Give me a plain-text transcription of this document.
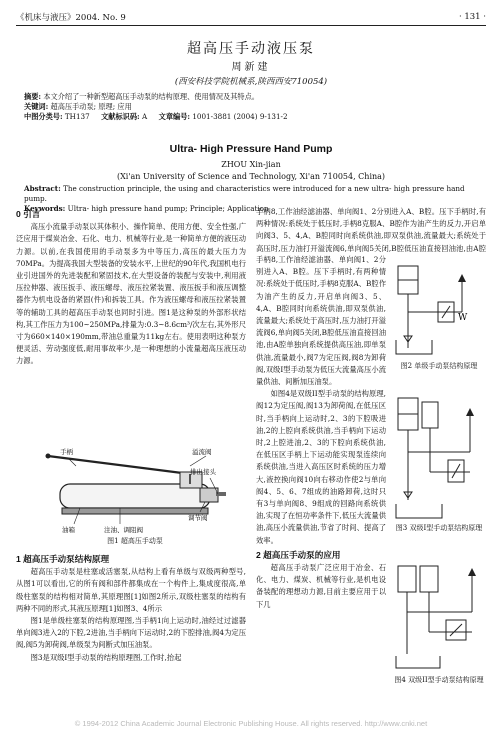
《机床与液压》2004. No. 9	· 131 ·
超高压手动液压泵
周新建
(西安科技学院机械系,陕西西安710054)
摘要: 本文介绍了一种新型超高压手动泵的结构原理、使用情况及其特点。
关键词: 超高压手动泵; 原理; 应用
中图分类号: TH137 文献标识码: A 文章编号: 1001-3881 (2004) 9-131-2
Ultra- High Pressure Hand Pump
ZHOU Xin-jian
(Xi'an University of Science and Technology, Xi'an 710054, China)
Abstract: The construction principle, the using and characteristics were introduced for a new ultra- high pressure hand pump.
Keywords: Ultra- high pressure hand pump; Principle; Application
0 引言

高压小流量手动泵以其体积小、操作简单、使用方便、安全性强,广泛应用于煤炭冶金、石化、电力、机械等行业,是一种简单方便的液压动力源。以前,在我国使用的手动泵多为中等压力,高压的最大压力为70MPa。为提高我国大型装备的安装水平,上世纪的90年代,我国机电行业引进国外的先进装配和紧固技术,在大型设备的装配与安装中,利用液压拉伸器、液压扳手、液压螺母、液压拉紧装置、液压扳手和液压调整器作为机电设备的紧固(件)和拆装工具。作为液压螺母和液压拉紧装置等的辅助工具的超高压手动泵也同时引进。图1是这种泵的外部形状结构,其工作压力为100~250MPa,排量为:0.3~8.6cm³/次左右,其外形尺寸为660×140×190mm,带油总重量为11kg左右。使用表明这种泵方便灵活、劳动强度低,耐用事故率少,是一种理想的小流量超高压液压动力源。

手柄	溢流阀
排出接头
油箱	注油、调阻阀
调节阀
图1 超高压手动泵
1 超高压手动泵结构原理

超高压手动泵是柱塞或活塞泵,从结构上看有单级与双级两种型号,从图1可以看出,它的所有阀和部件都集成在一个构件上,集成度很高,单级柱塞泵的结构相对简单,其原理图[1]如图2所示,双级柱塞泵的结构有两种不同的形式,其液压原理[1]如图3、4所示

图1是单级柱塞泵的结构原理图,当手柄1向上运动时,油经过过滤器单向阀3进入2的下腔,2进油,当手柄向下运动时,2的下腔排油,阀4为定压阀,阀5为卸荷阀,单级泵为间断式加压油泵。

图3是双级I型手动泵的结构原理图,工作时,抬起

手柄8,工作油经滤油器、单向阀1、2分别进入A、B腔。压下手柄时,有两种情况:系统处于低压时,手柄8克服A、B腔作为油产生的反力,开启单向阀3、5、4,A、B腔同时向系统供油,即双泵供油,流量最大;系统处于高压时,压力油打开溢流阀6,单向阀5关闭,B腔低压油直接回油池,由A腔

手柄8,工作油经滤油器、单向阀1、2分别进入A、B腔。压下手柄时,有两种情况:系统处于低压时,手柄8克服A、B腔作为油产生的反力,开启单向阀3、5、4,A、B腔同时向系统供油,即双泵供油,流量最大;系统处于高压时,压力油打开溢流阀6,单向阀5关闭,B腔低压油直接回油池,由A腔单独向系统提供高压油,即单泵供油,流量最小,阀7为定压阀,阀8为卸荷阀,双级I型手动泵为低压大流量高压小流量供油、间断加压油泵。

如图4是双级II型手动泵的结构原理,阀12为定压阀,阀13为卸荷阀,在低压区时,当手柄向上运动时,2、3的下腔吸进油,2的上腔向系统供油,当手柄向下运动时,2上腔进油,2、3的下腔向系统供油,在低压区手柄上下运动能实现泵连续向系统供油,当进入高压区时系统的压力增大,液控换向阀10向右移动作使2与单向阀4、5、6、7组成的油路卸荷,这时只有3与单向阀8、9组成的回路向系统供油,实现了在恒功率条件下,低压大流量供油,高压小流量供油,节省了时间、提高了效率。

2 超高压手动泵的应用

超高压手动泵广泛应用于冶金、石化、电力、煤炭、机械等行业,是机电设备装配的理想动力源,目前主要应用于以下几

W
图2 单级手动泵结构原理
图3 双级I型手动泵结构原理
图4 双级II型手动泵结构原理
© 1994-2012 China Academic Journal Electronic Publishing House. All rights reserved. http://www.cnki.net
